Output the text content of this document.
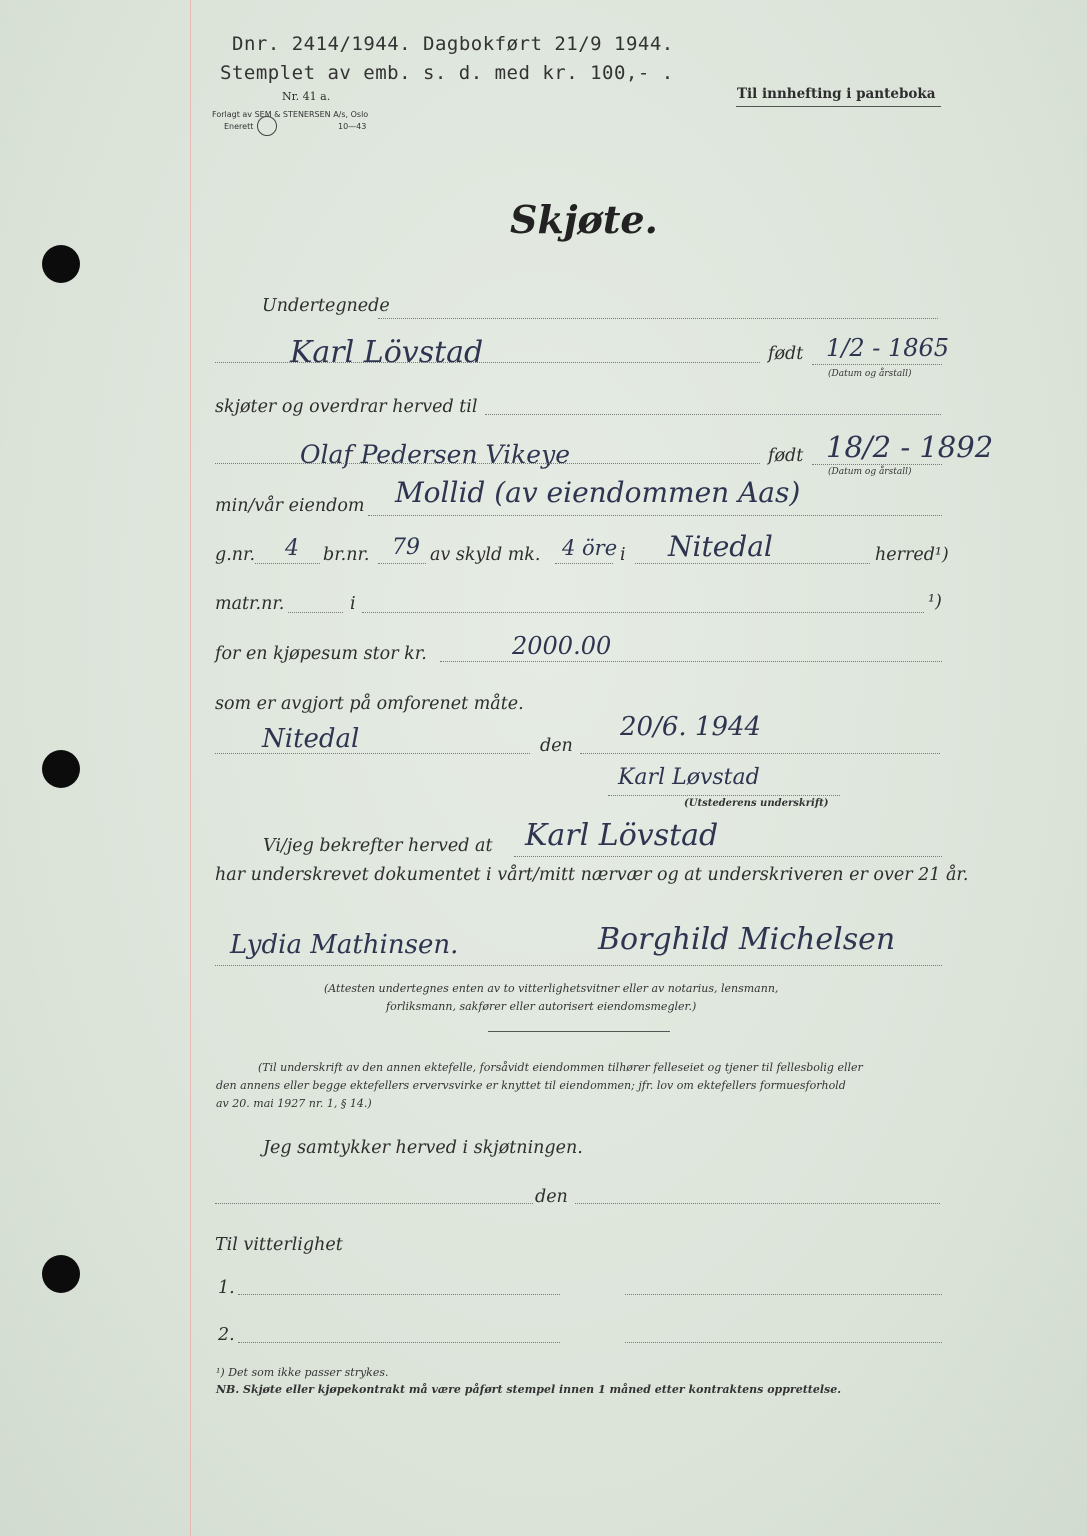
Dnr. 2414/1944. Dagbokført 21/9 1944.
Stemplet av emb. s. d. med kr. 100,- .
Nr. 41 a.
Forlagt av SEM & STENERSEN A/s, Oslo
Enerett	10—43
Til innhefting i panteboka
Skjøte.
Undertegnede
Karl Lövstad	født 1/2 - 1865
(Datum og årstall)
skjøter og overdrar herved til
Olaf Pedersen Vikeye	født 18/2 - 1892
(Datum og årstall)
min/vår eiendom Mollid (av eiendommen Aas)
g.nr. 4 br.nr. 79 av skyld mk. 4 öre i Nitedal	herred¹)
matr.nr.	i	¹)
for en kjøpesum stor kr.	2000.00
som er avgjort på omforenet måte.
Nitedal	den
20/6. 1944
Karl Løvstad
(Utstederens underskrift)
Vi/jeg bekrefter herved at Karl Lövstad
har underskrevet dokumentet i vårt/mitt nærvær og at underskriveren er over 21 år.
Lydia Mathinsen.	Borghild Michelsen
(Attesten undertegnes enten av to vitterlighetsvitner eller av notarius, lensmann,
forliksmann, sakfører eller autorisert eiendomsmegler.)
(Til underskrift av den annen ektefelle, forsåvidt eiendommen tilhører felleseiet og tjener til fellesbolig eller
den annens eller begge ektefellers ervervsvirke er knyttet til eiendommen; jfr. lov om ektefellers formuesforhold
av 20. mai 1927 nr. 1, § 14.)
Jeg samtykker herved i skjøtningen.
den
Til vitterlighet
1.
2.
¹) Det som ikke passer strykes.
NB. Skjøte eller kjøpekontrakt må være påført stempel innen 1 måned etter kontraktens opprettelse.
